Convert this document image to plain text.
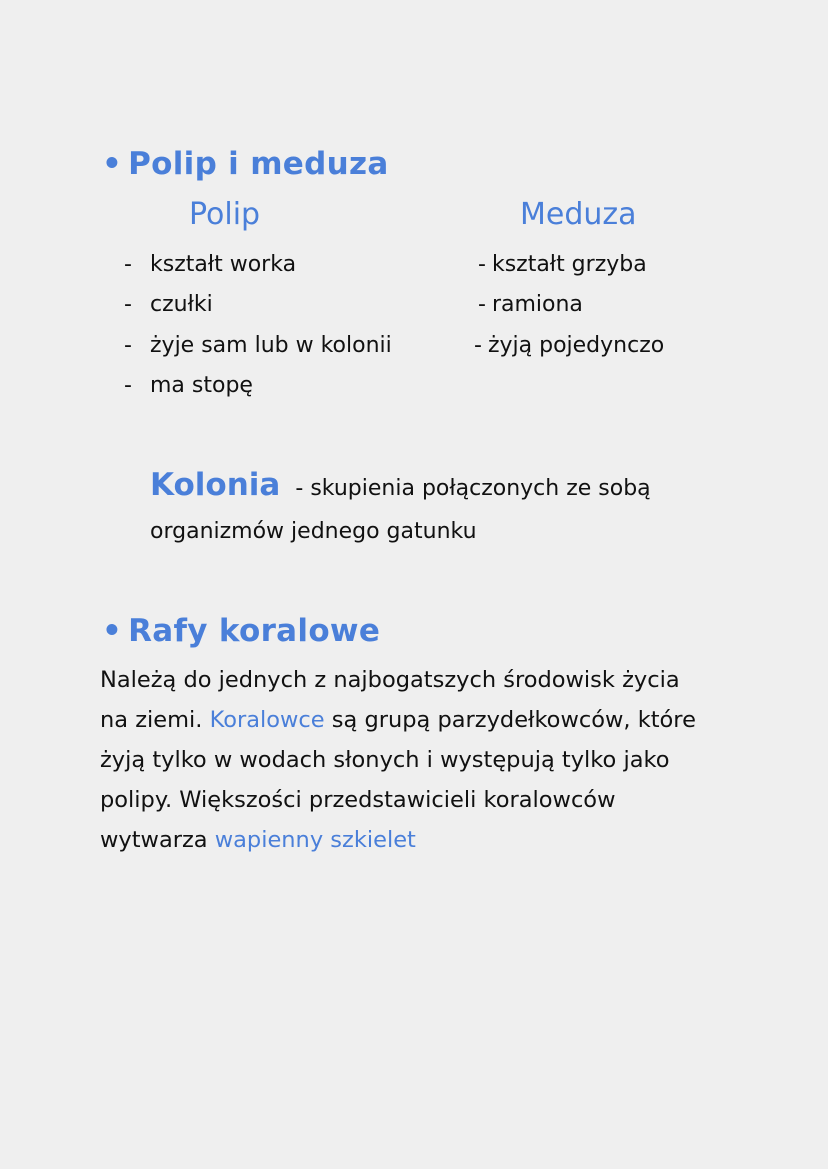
• Polip i meduza
Polip	Meduza
- kształt worka
- czułki
- żyje sam lub w kolonii
- ma stopę
- kształt grzyba
- ramiona
- żyją pojedynczo
Kolonia - skupienia połączonych ze sobą
organizmów jednego gatunku
• Rafy koralowe

Należą do jednych z najbogatszych środowisk życia

na ziemi. Koralowce są grupą parzydełkowców, które

żyją tylko w wodach słonych i występują tylko jako

polipy. Większości przedstawicieli koralowców

wytwarza wapienny szkielet
